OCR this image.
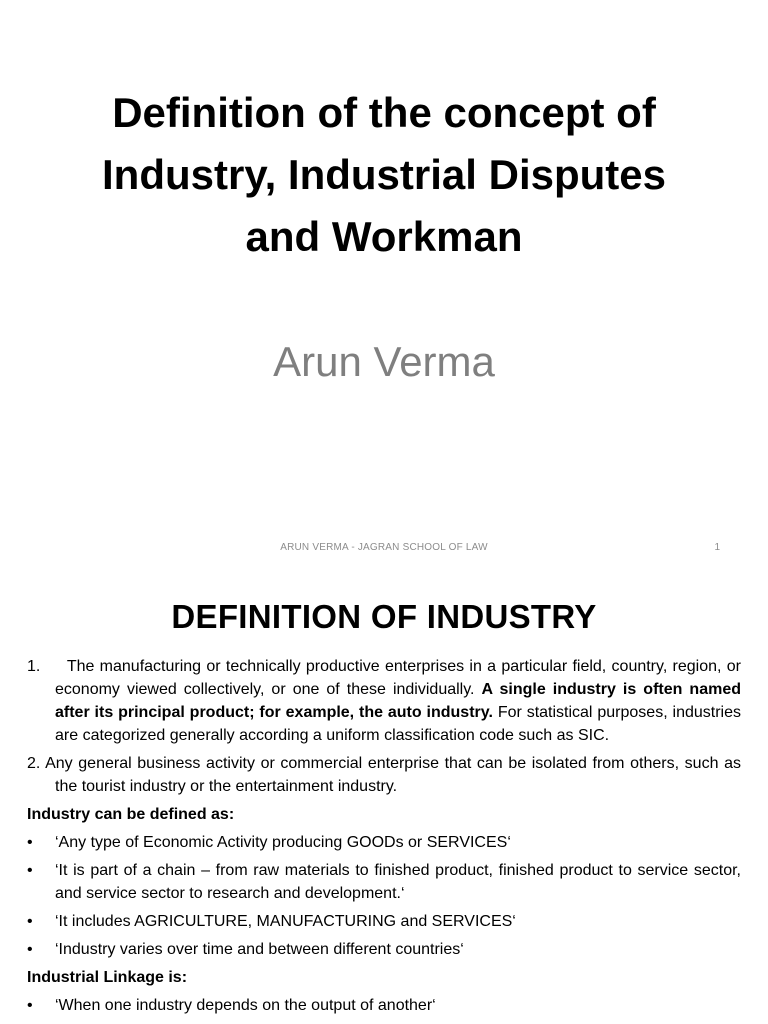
Definition of the concept of
Industry, Industrial Disputes
and Workman

Arun Verma

ARUN VERMA - JAGRAN SCHOOL OF LAW	1
DEFINITION OF INDUSTRY

1. The manufacturing or technically productive enterprises in a particular field, country, region, or economy viewed collectively, or one of these individually. A single industry is often named after its principal product; for example, the auto industry. For statistical purposes, industries are categorized generally according a uniform classification code such as SIC.

2. Any general business activity or commercial enterprise that can be isolated from others, such as the tourist industry or the entertainment industry.

Industry can be defined as:

• ‘Any type of Economic Activity producing GOODs or SERVICES‘

• ‘It is part of a chain – from raw materials to finished product, finished product to service sector, and service sector to research and development.‘

• ‘It includes AGRICULTURE, MANUFACTURING and SERVICES‘

• ‘Industry varies over time and between different countries‘

Industrial Linkage is:

• ‘When one industry depends on the output of another‘
